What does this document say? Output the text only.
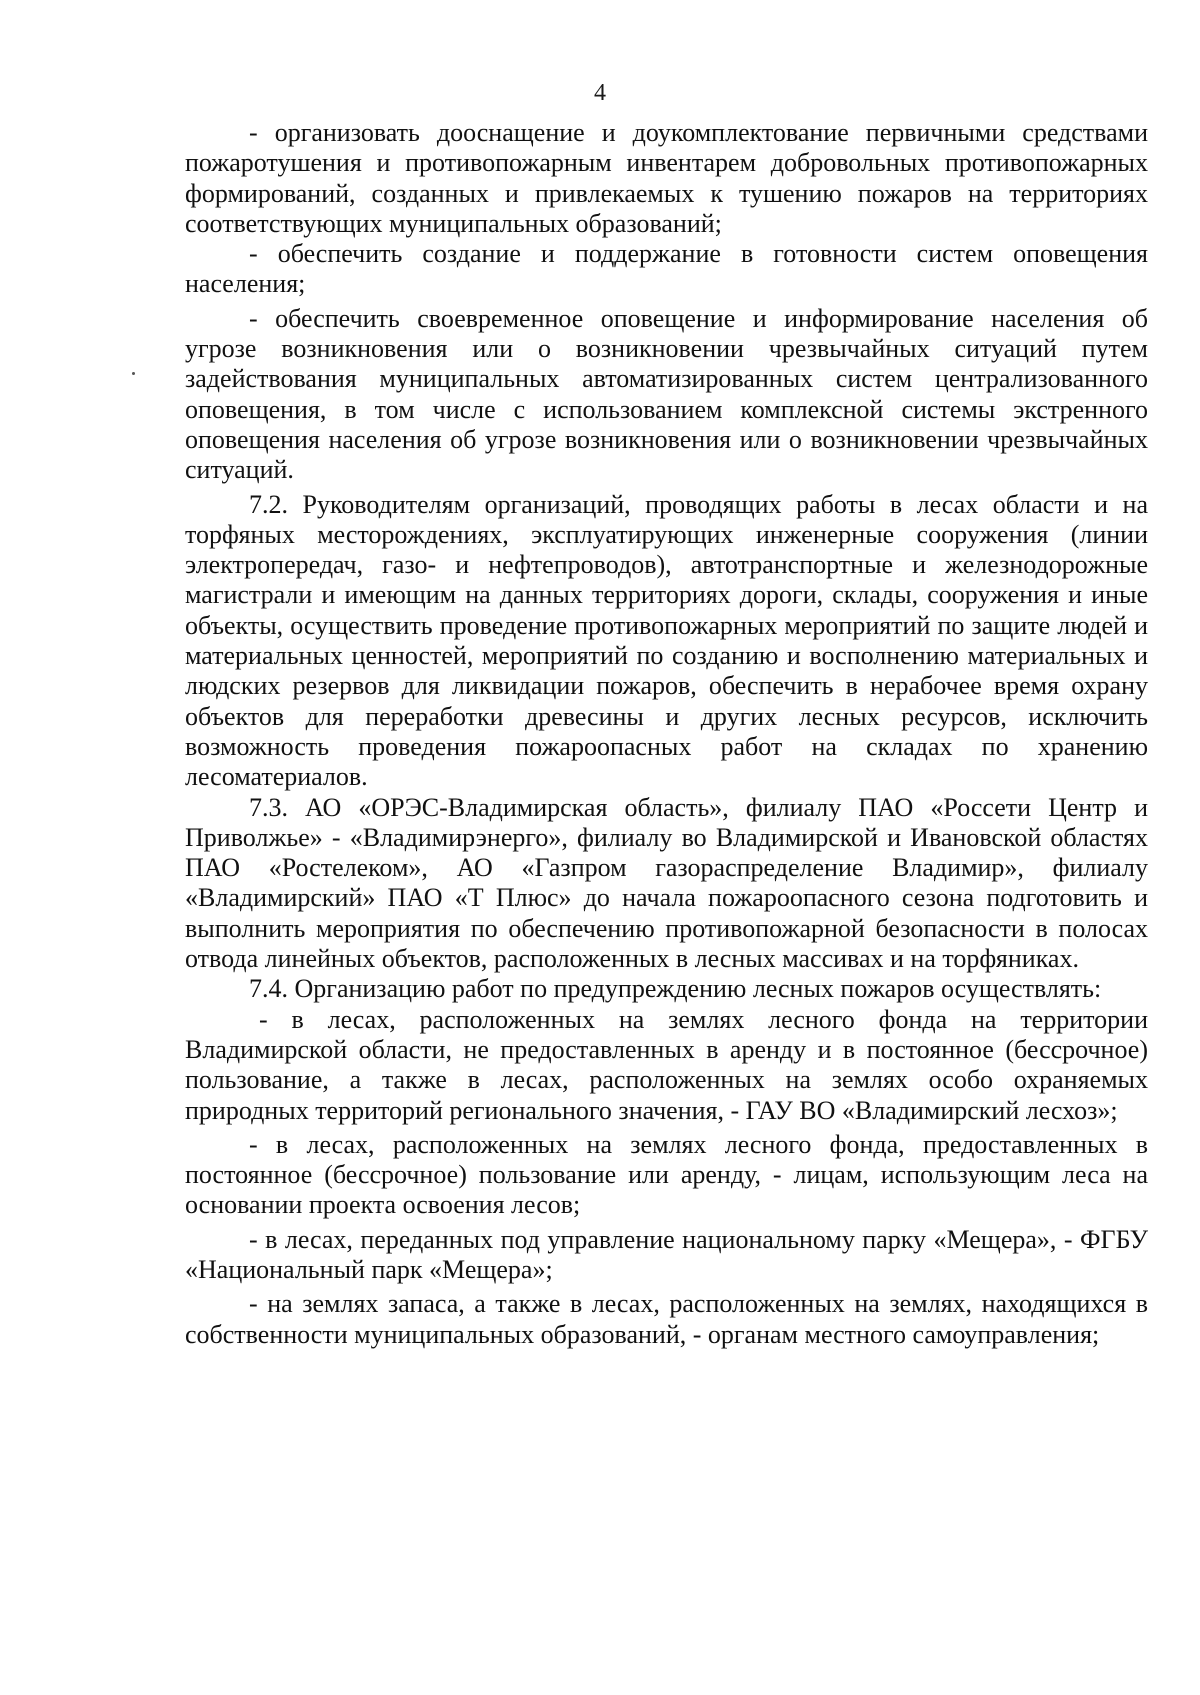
4

- организовать дооснащение и доукомплектование первичными средствами пожаротушения и противопожарным инвентарем добровольных противопожарных формирований, созданных и привлекаемых к тушению пожаров на территориях соответствующих муниципальных образований;

- обеспечить создание и поддержание в готовности систем оповещения населения;

- обеспечить своевременное оповещение и информирование населения об угрозе возникновения или о возникновении чрезвычайных ситуаций путем задействования муниципальных автоматизированных систем централизованного оповещения, в том числе с использованием комплексной системы экстренного оповещения населения об угрозе возникновения или о возникновении чрезвычайных ситуаций.

7.2. Руководителям организаций, проводящих работы в лесах области и на торфяных месторождениях, эксплуатирующих инженерные сооружения (линии электропередач, газо- и нефтепроводов), автотранспортные и железнодорожные магистрали и имеющим на данных территориях дороги, склады, сооружения и иные объекты, осуществить проведение противопожарных мероприятий по защите людей и материальных ценностей, мероприятий по созданию и восполнению материальных и людских резервов для ликвидации пожаров, обеспечить в нерабочее время охрану объектов для переработки древесины и других лесных ресурсов, исключить возможность проведения пожароопасных работ на складах по хранению лесоматериалов.

7.3. АО «ОРЭС-Владимирская область», филиалу ПАО «Россети Центр и Приволжье» - «Владимирэнерго», филиалу во Владимирской и Ивановской областях ПАО «Ростелеком», АО «Газпром газораспределение Владимир», филиалу «Владимирский» ПАО «Т Плюс» до начала пожароопасного сезона подготовить и выполнить мероприятия по обеспечению противопожарной безопасности в полосах отвода линейных объектов, расположенных в лесных массивах и на торфяниках.

7.4. Организацию работ по предупреждению лесных пожаров осуществлять:

- в лесах, расположенных на землях лесного фонда на территории Владимирской области, не предоставленных в аренду и в постоянное (бессрочное) пользование, а также в лесах, расположенных на землях особо охраняемых природных территорий регионального значения, - ГАУ ВО «Владимирский лесхоз»;

- в лесах, расположенных на землях лесного фонда, предоставленных в постоянное (бессрочное) пользование или аренду, - лицам, использующим леса на основании проекта освоения лесов;

- в лесах, переданных под управление национальному парку «Мещера», - ФГБУ «Национальный парк «Мещера»;

- на землях запаса, а также в лесах, расположенных на землях, находящихся в собственности муниципальных образований, - органам местного самоуправления;
